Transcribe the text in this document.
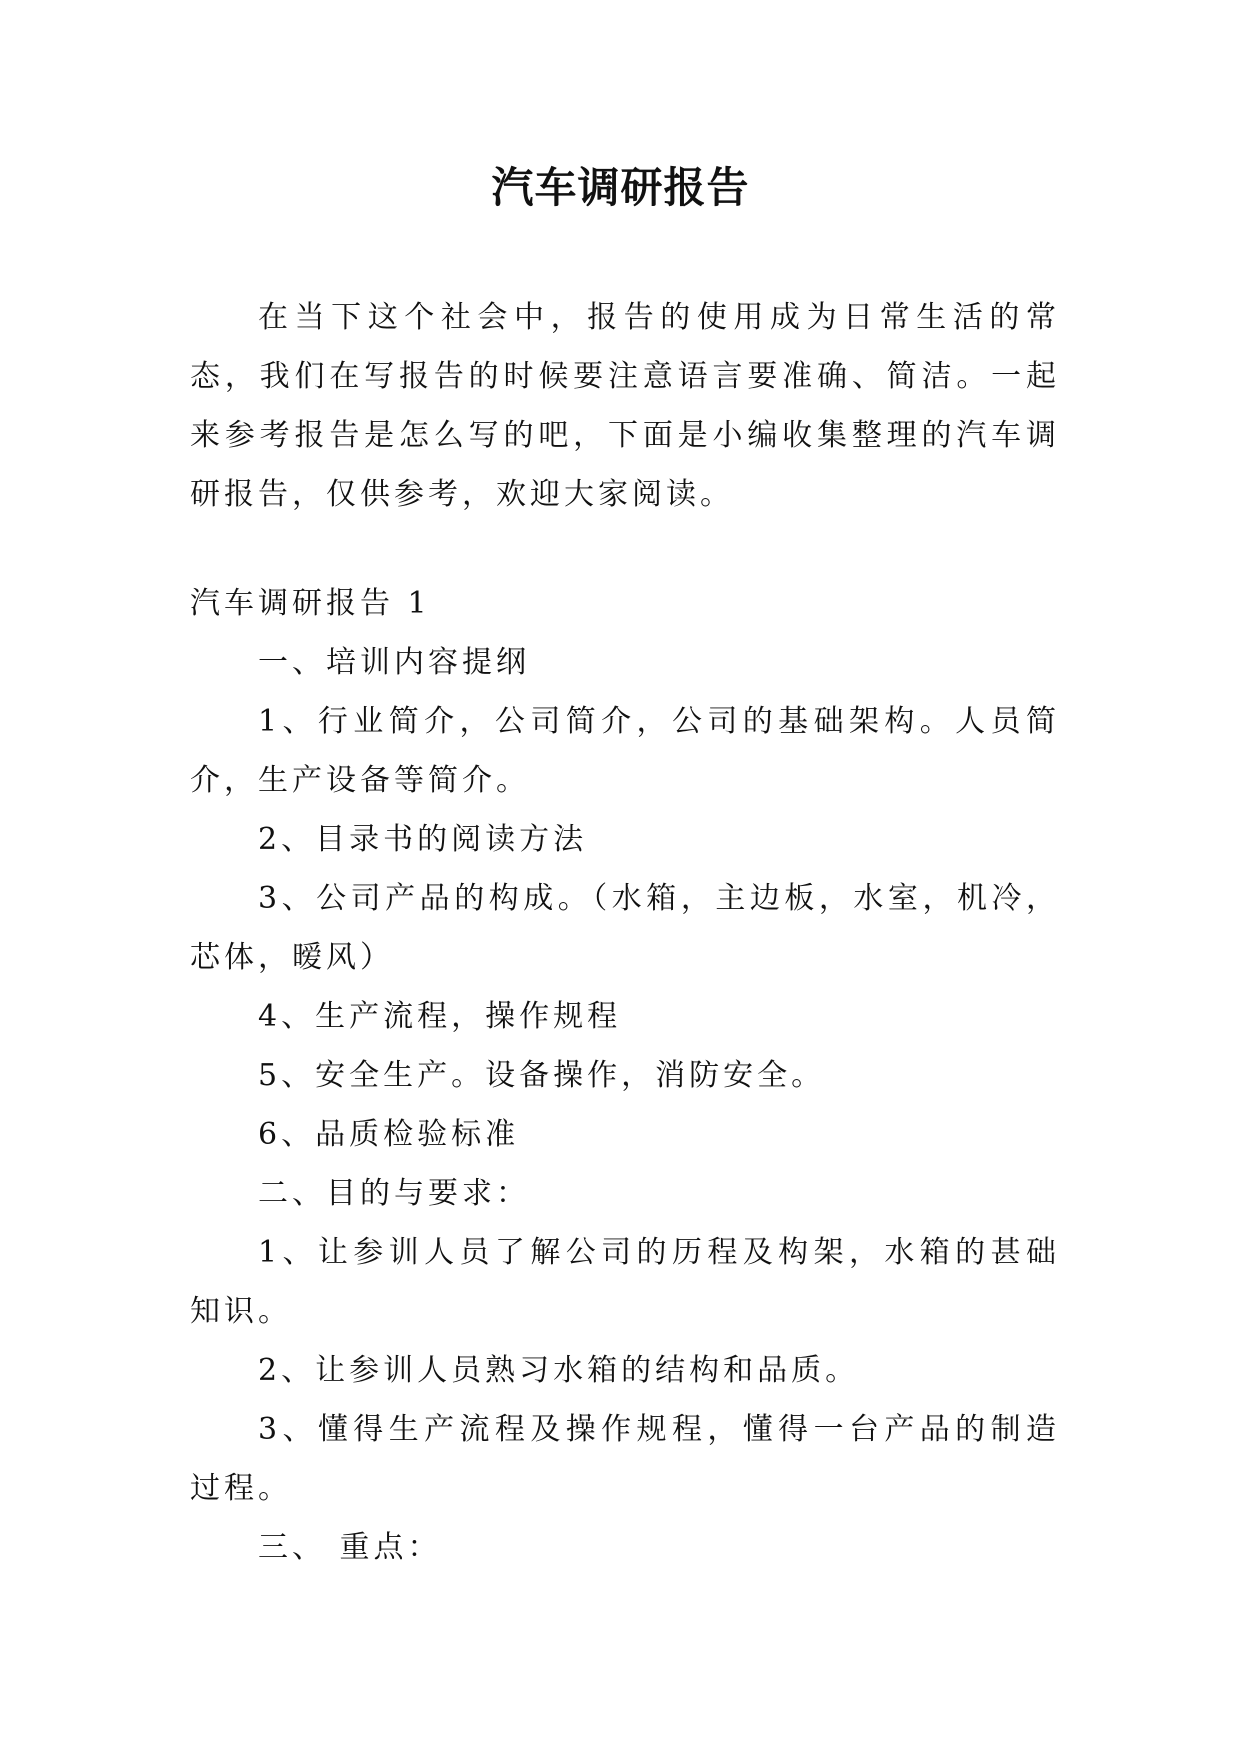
汽车调研报告

在当下这个社会中，报告的使用成为日常生活的常态，我们在写报告的时候要注意语言要准确、简洁。一起来参考报告是怎么写的吧，下面是小编收集整理的汽车调研报告，仅供参考，欢迎大家阅读。

汽车调研报告 1

一、培训内容提纲

1、行业简介，公司简介，公司的基础架构。人员简介，生产设备等简介。

2、目录书的阅读方法

3、公司产品的构成。（水箱，主边板，水室，机冷，芯体，暧风）

4、生产流程，操作规程

5、安全生产。设备操作，消防安全。

6、品质检验标准

二、目的与要求：

1、让参训人员了解公司的历程及构架，水箱的甚础知识。

2、让参训人员熟习水箱的结构和品质。

3、懂得生产流程及操作规程，懂得一台产品的制造过程。

三、 重点：
